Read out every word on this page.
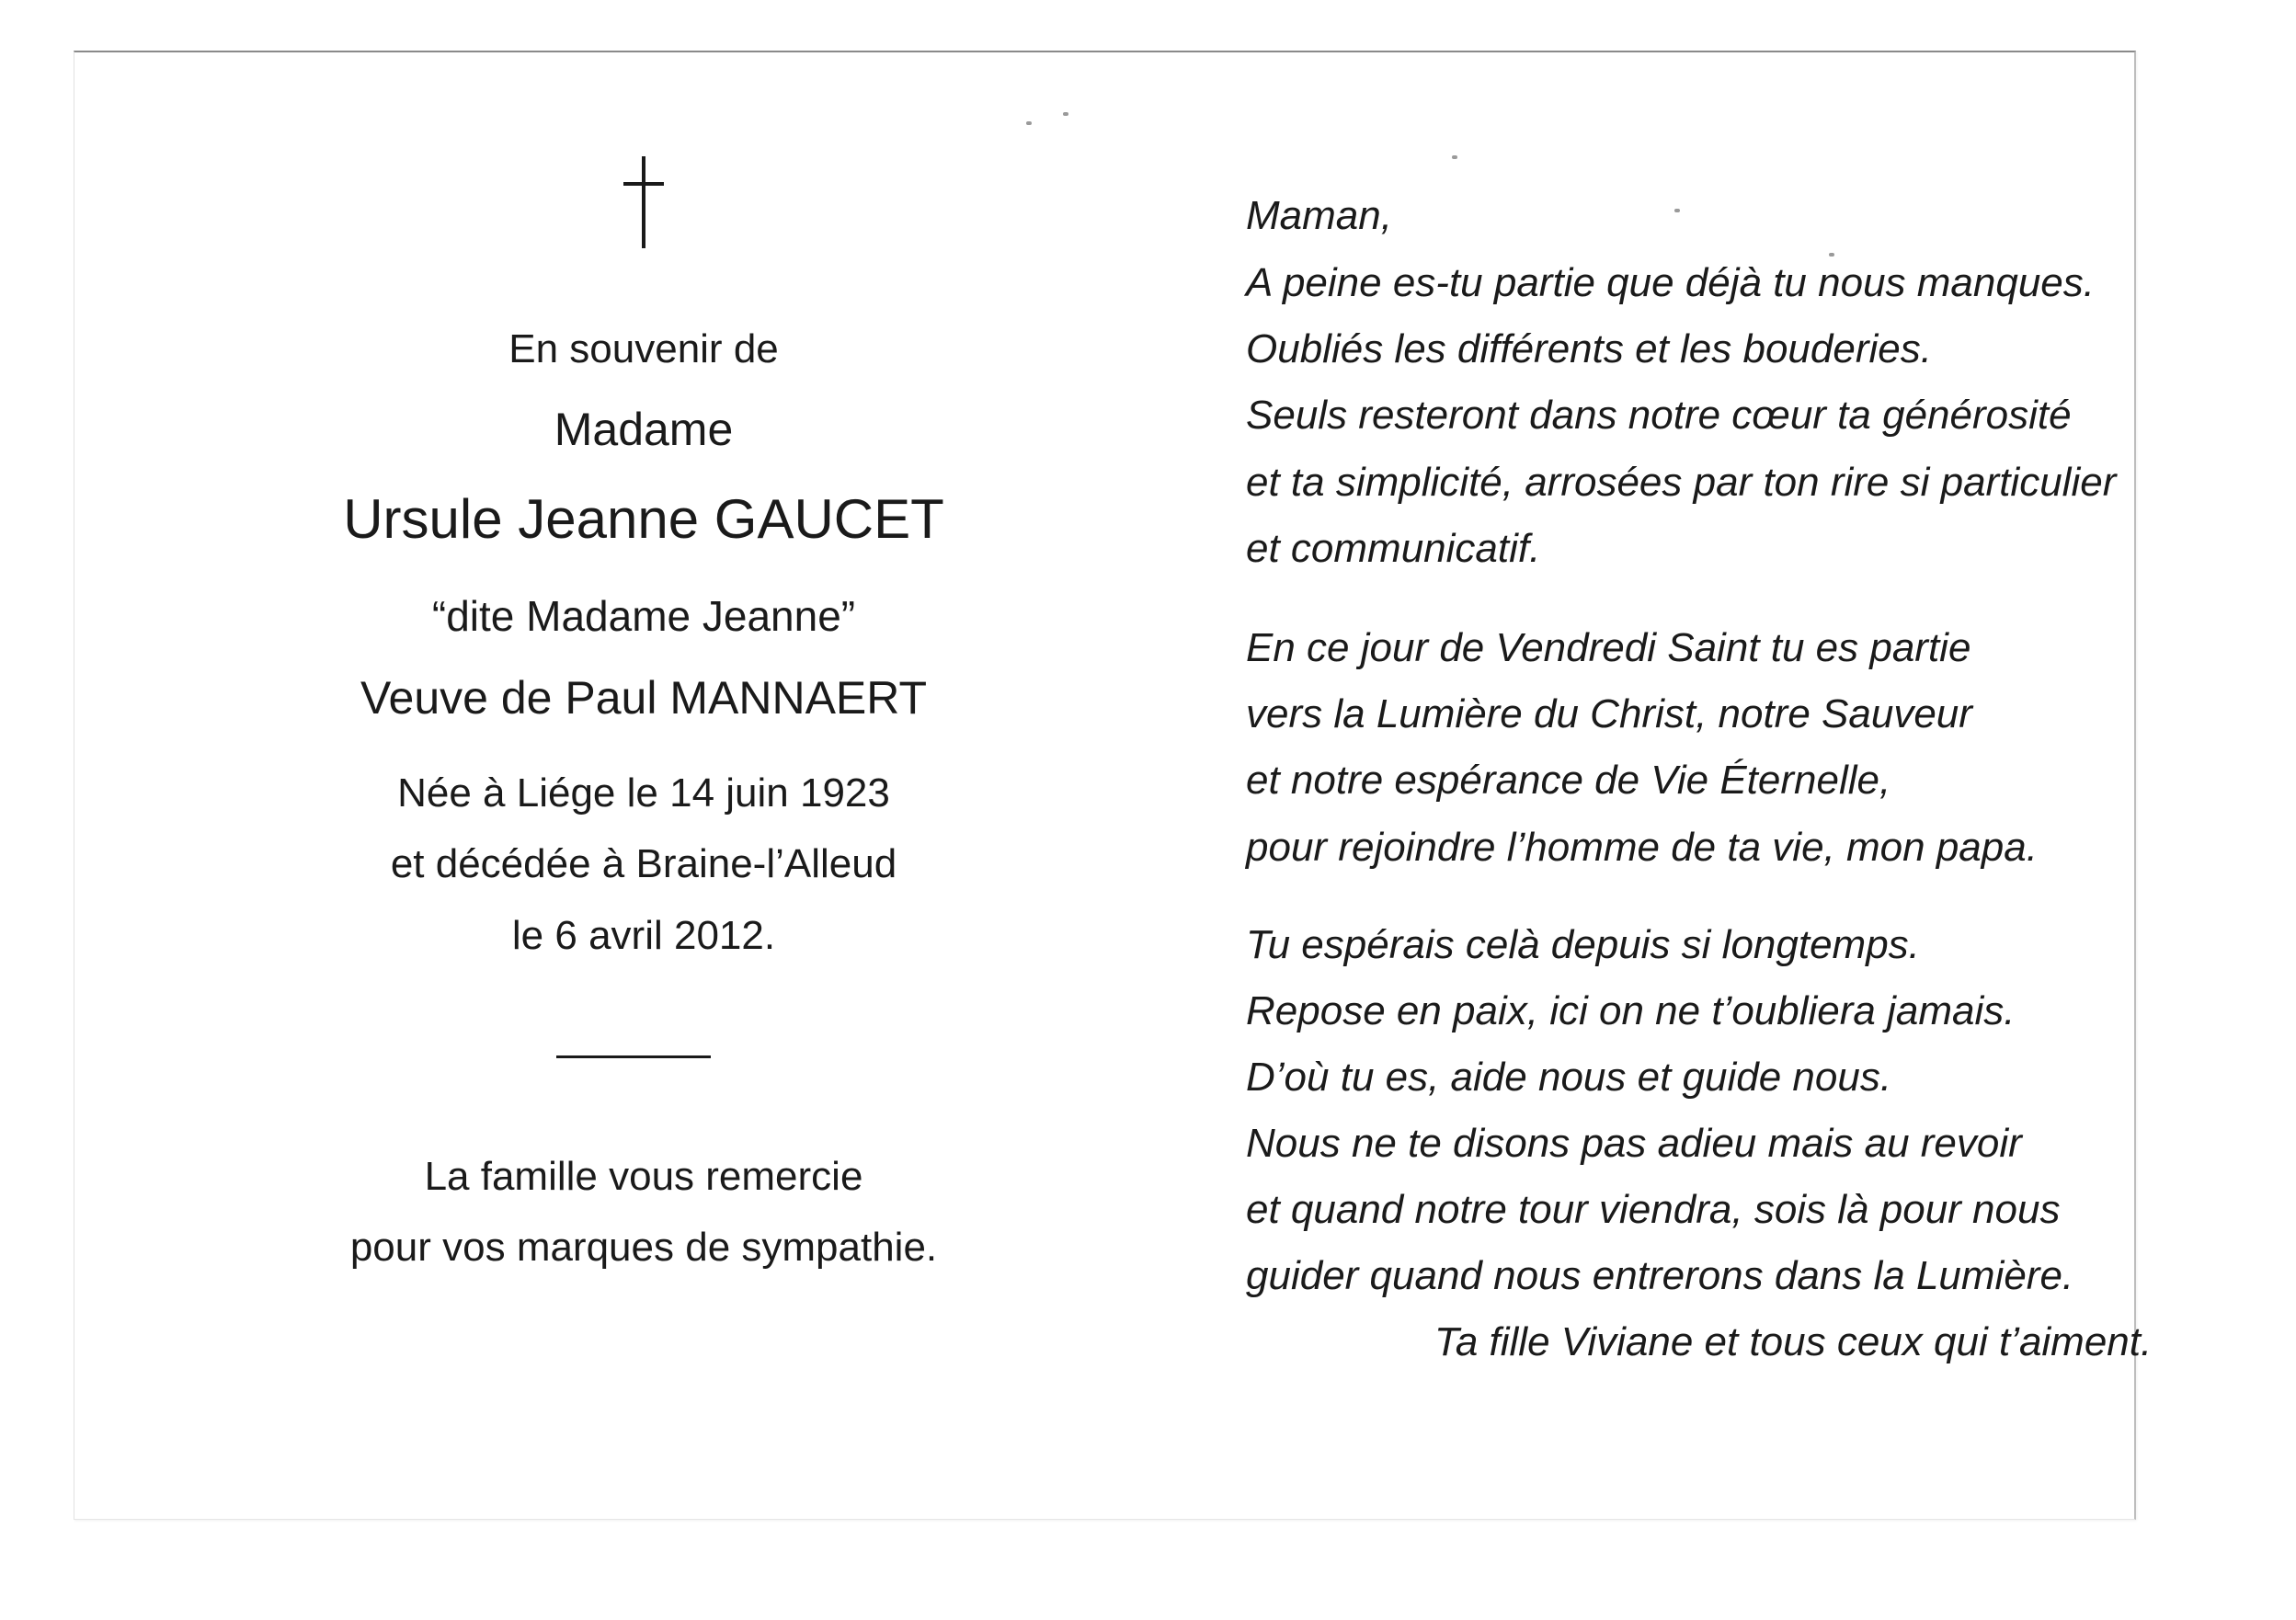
En souvenir de
Madame
Ursule Jeanne GAUCET
“dite Madame Jeanne”
Veuve de Paul MANNAERT
Née à Liége le 14 juin 1923
et décédée à Braine-l’Alleud
le 6 avril 2012.
La famille vous remercie
pour vos marques de sympathie.
Maman,
A peine es-tu partie que déjà tu nous manques.
Oubliés les différents et les bouderies.
Seuls resteront dans notre cœur ta générosité
et ta simplicité, arrosées par ton rire si particulier
et communicatif.
En ce jour de Vendredi Saint tu es partie
vers la Lumière du Christ, notre Sauveur
et notre espérance de Vie Éternelle,
pour rejoindre l’homme de ta vie, mon papa.
Tu espérais celà depuis si longtemps.
Repose en paix, ici on ne t’oubliera jamais.
D’où tu es, aide nous et guide nous.
Nous ne te disons pas adieu mais au revoir
et quand notre tour viendra, sois là pour nous
guider quand nous entrerons dans la Lumière.
Ta fille Viviane et tous ceux qui t’aiment.
